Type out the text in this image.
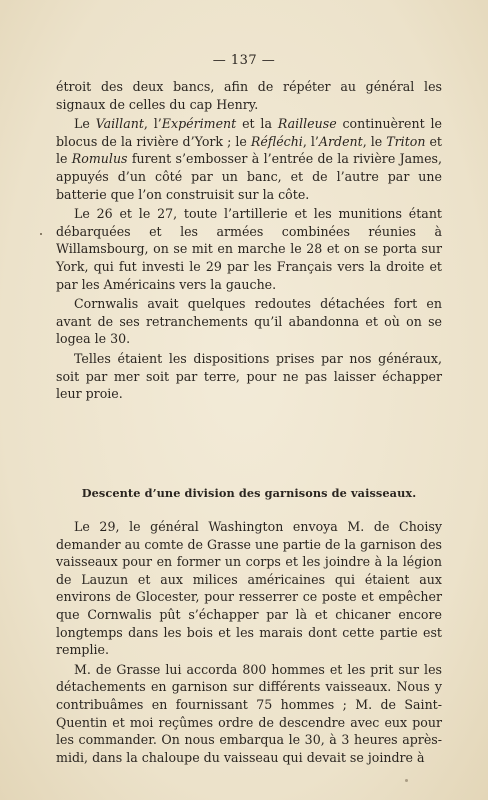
— 137 —

étroit des deux bancs, afin de répéter au général les signaux de celles du cap Henry.

Le Vaillant, l’Expériment et la Railleuse continuèrent le blocus de la rivière d’York ; le Réfléchi, l’Ardent, le Triton et le Romulus furent s’embosser à l’entrée de la rivière James, appuyés d’un côté par un banc, et de l’autre par une batterie que l’on construisit sur la côte.

Le 26 et le 27, toute l’artillerie et les munitions étant débarquées et les armées combinées réunies à Willamsbourg, on se mit en marche le 28 et on se porta sur York, qui fut investi le 29 par les Français vers la droite et par les Américains vers la gauche.

Cornwalis avait quelques redoutes détachées fort en avant de ses retranchements qu’il abandonna et où on se logea le 30.

Telles étaient les dispositions prises par nos généraux, soit par mer soit par terre, pour ne pas laisser échapper leur proie.

Descente d’une division des garnisons de vaisseaux.

Le 29, le général Washington envoya M. de Choisy demander au comte de Grasse une partie de la garnison des vaisseaux pour en former un corps et les joindre à la légion de Lauzun et aux milices américaines qui étaient aux environs de Glocester, pour resserrer ce poste et empêcher que Cornwalis pût s’échapper par là et chicaner encore longtemps dans les bois et les marais dont cette partie est remplie.

M. de Grasse lui accorda 800 hommes et les prit sur les détachements en garnison sur différents vaisseaux. Nous y contribuâmes en fournissant 75 hommes ; M. de Saint-Quentin et moi reçûmes ordre de descendre avec eux pour les commander. On nous embarqua le 30, à 3 heures après-midi, dans la chaloupe du vaisseau qui devait se joindre à
